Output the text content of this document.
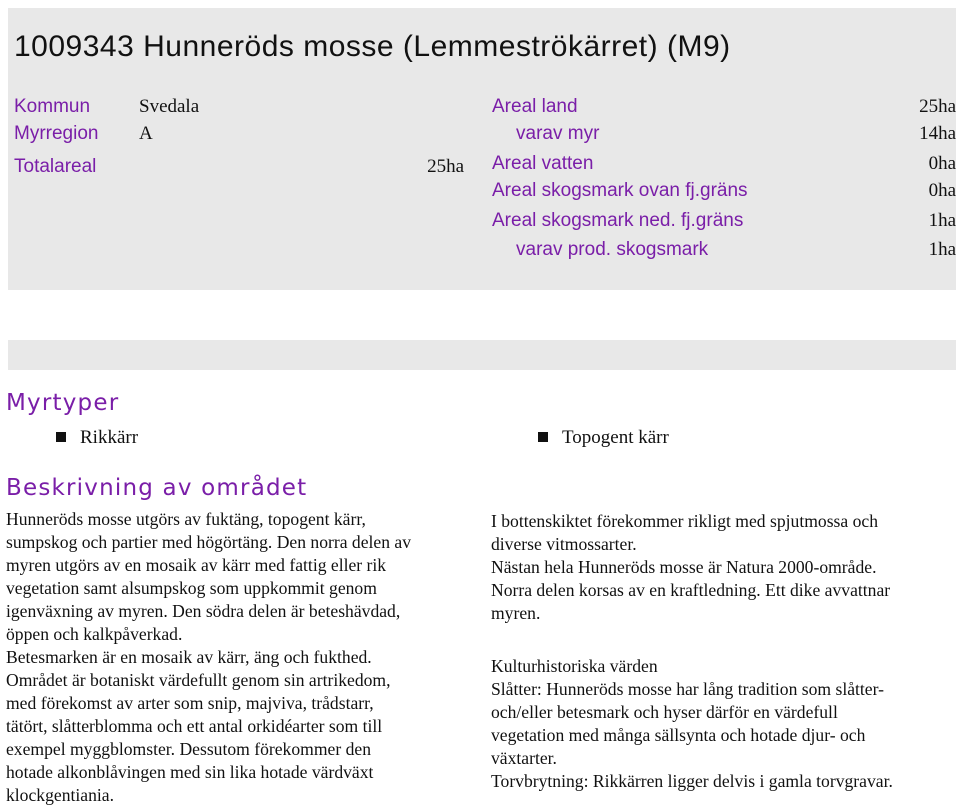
1009343 Hunneröds mosse (Lemmeströkärret) (M9)
Kommun	Svedala
Myrregion A
Totalareal	25ha
Areal land	25ha
varav myr	14ha
Areal vatten	0ha
Areal skogsmark ovan fj.gräns	0ha
Areal skogsmark ned. fj.gräns	1ha
varav prod. skogsmark	1ha
Myrtyper
Rikkärr	Topogent kärr
Beskrivning av området

Hunneröds mosse utgörs av fuktäng, topogent kärr,

sumpskog och partier med högörtäng. Den norra delen av

myren utgörs av en mosaik av kärr med fattig eller rik

vegetation samt alsumpskog som uppkommit genom

igenväxning av myren. Den södra delen är beteshävdad,

öppen och kalkpåverkad.

Betesmarken är en mosaik av kärr, äng och fukthed.

Området är botaniskt värdefullt genom sin artrikedom,

med förekomst av arter som snip, majviva, trådstarr,

tätört, slåtterblomma och ett antal orkidéarter som till

exempel myggblomster. Dessutom förekommer den

hotade alkonblåvingen med sin lika hotade värdväxt

klockgentiania.

I bottenskiktet förekommer rikligt med spjutmossa och

diverse vitmossarter.

Nästan hela Hunneröds mosse är Natura 2000-område.

Norra delen korsas av en kraftledning. Ett dike avvattnar

myren.

Kulturhistoriska värden

Slåtter: Hunneröds mosse har lång tradition som slåtter-

och/eller betesmark och hyser därför en värdefull

vegetation med många sällsynta och hotade djur- och

växtarter.

Torvbrytning: Rikkärren ligger delvis i gamla torvgravar.
